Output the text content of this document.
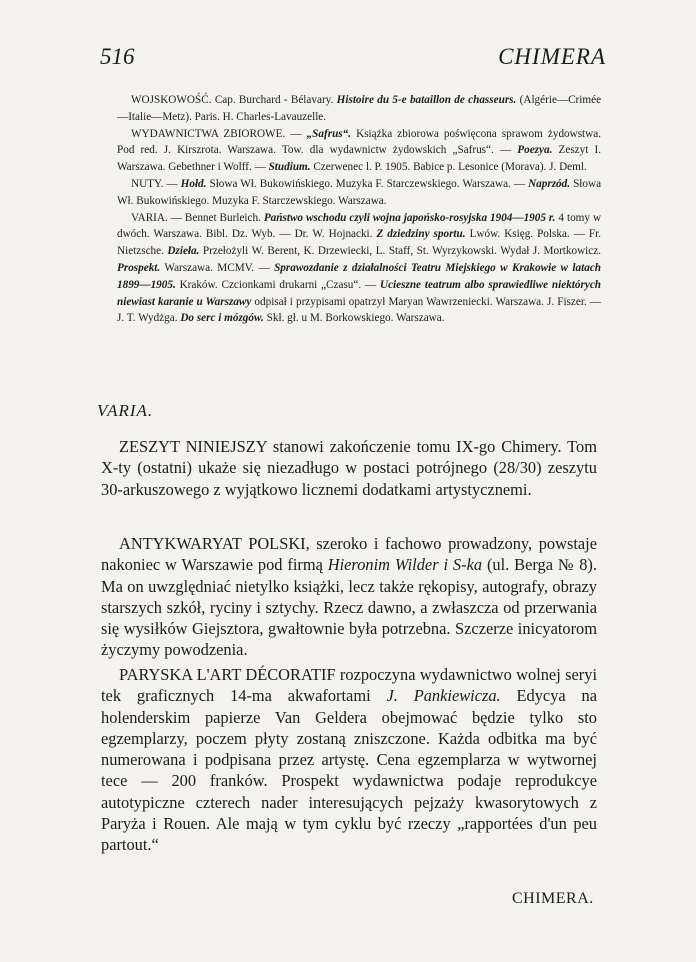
516	CHIMERA

WOJSKOWOŚĆ. Cap. Burchard - Bélavary. Histoire du 5-e bataillon de chasseurs. (Algérie—Crimée—Italie—Metz). Paris. H. Charles-Lavauzelle.
WYDAWNICTWA ZBIOROWE. — „Safrus“. Książka zbiorowa poświęcona sprawom żydowstwa. Pod red. J. Kirszrota. Warszawa. Tow. dla wydawnictw żydowskich „Safrus“. — Poezya. Zeszyt I. Warszawa. Gebethner i Wolff. — Studium. Czerwenec l. P. 1905. Babice p. Lesonice (Morava). J. Deml.
NUTY. — Hołd. Słowa Wł. Bukowińskiego. Muzyka F. Starczewskiego. Warszawa. — Naprzód. Słowa Wł. Bukowińskiego. Muzyka F. Starczewskiego. Warszawa.
VARIA. — Bennet Burleich. Państwo wschodu czyli wojna japońsko-rosyjska 1904—1905 r. 4 tomy w dwóch. Warszawa. Bibl. Dz. Wyb. — Dr. W. Hojnacki. Z dziedziny sportu. Lwów. Księg. Polska. — Fr. Nietzsche. Dzieła. Przełożyli W. Berent, K. Drzewiecki, L. Staff, St. Wyrzykowski. Wydał J. Mortkowicz. Prospekt. Warszawa. MCMV. — Sprawozdanie z działalności Teatru Miejskiego w Krakowie w latach 1899—1905. Kraków. Czcionkami drukarni „Czasu“. — Ucieszne teatrum albo sprawiedliwe niektórych niewiast karanie u Warszawy odpisał i przypisami opatrzył Maryan Wawrzeniecki. Warszawa. J. Fiszer. — J. T. Wydżga. Do serc i mózgów. Skł. gł. u M. Borkowskiego. Warszawa.

VARIA.

ZESZYT NINIEJSZY stanowi zakończenie tomu IX-go Chimery. Tom X-ty (ostatni) ukaże się niezadługo w postaci potrójnego (28/30) zeszytu 30-arkuszowego z wyjątkowo licznemi dodatkami artystycznemi.

ANTYKWARYAT POLSKI, szeroko i fachowo prowadzony, powstaje nakoniec w Warszawie pod firmą Hieronim Wilder i S-ka (ul. Berga № 8). Ma on uwzględniać nietylko książki, lecz także rękopisy, autografy, obrazy starszych szkół, ryciny i sztychy. Rzecz dawno, a zwłaszcza od przerwania się wysiłków Giejsztora, gwałtownie była potrzebna. Szczerze inicyatorom życzymy powodzenia.

PARYSKA L'ART DÉCORATIF rozpoczyna wydawnictwo wolnej seryi tek graficznych 14-ma akwafortami J. Pankiewicza. Edycya na holenderskim papierze Van Geldera obejmować będzie tylko sto egzemplarzy, poczem płyty zostaną zniszczone. Każda odbitka ma być numerowana i podpisana przez artystę. Cena egzemplarza w wytwornej tece — 200 franków. Prospekt wydawnictwa podaje reprodukcye autotypiczne czterech nader interesujących pejzaży kwasorytowych z Paryża i Rouen. Ale mają w tym cyklu być rzeczy „rapportées d'un peu partout.“

CHIMERA.
